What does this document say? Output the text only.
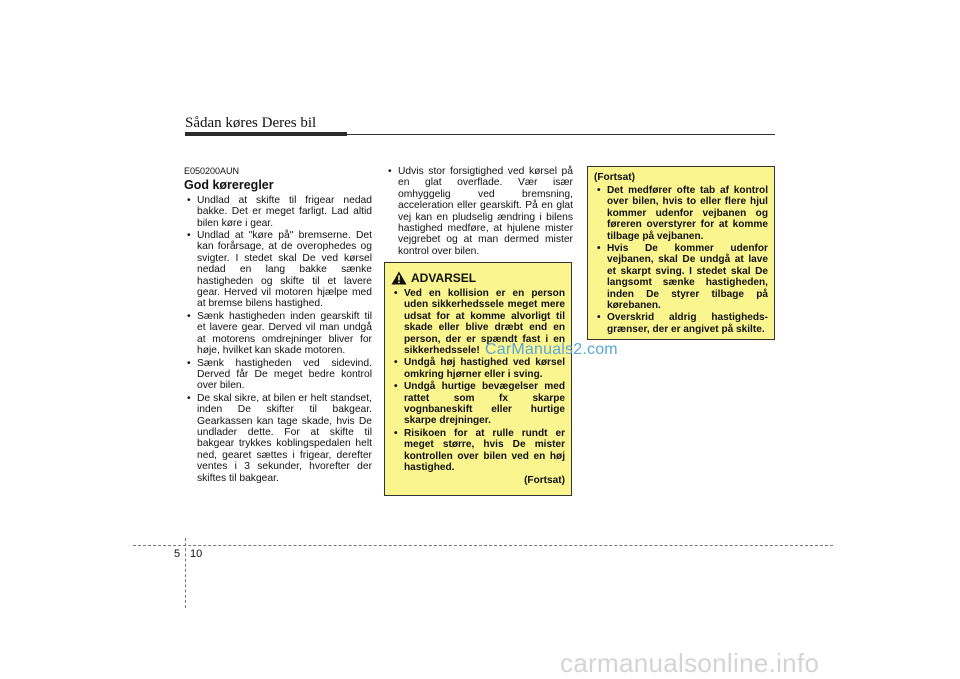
Sådan køres Deres bil
E050200AUN
God køreregler
• Undlad at skifte til frigear nedad bakke. Det er meget farligt. Lad altid bilen køre i gear.
• Undlad at "køre på" bremserne. Det kan forårsage, at de overophedes og svigter. I stedet skal De ved kørsel nedad en lang bakke sænke hastigheden og skifte til et lavere gear. Herved vil motoren hjælpe med at bremse bilens hastighed.
• Sænk hastigheden inden gearskift til et lavere gear. Derved vil man undgå at motorens omdrejninger bliver for høje, hvilket kan skade motoren.
• Sænk hastigheden ved sidevind. Derved får De meget bedre kontrol over bilen.
• De skal sikre, at bilen er helt standset, inden De skifter til bakgear. Gearkassen kan tage skade, hvis De undlader dette. For at skifte til bakgear trykkes koblingspedalen helt ned, gearet sættes i frigear, derefter ventes i 3 sekunder, hvorefter der skiftes til bakgear.
• Udvis stor forsigtighed ved kørsel på en glat overflade. Vær især omhyggelig ved bremsning, acceleration eller gearskift. På en glat vej kan en pludselig ændring i bilens hastighed medføre, at hjulene mister vejgrebet og at man dermed mister kontrol over bilen.
ADVARSEL
• Ved en kollision er en person uden sikkerhedssele meget mere udsat for at komme alvorligt til skade eller blive dræbt end en person, der er spændt fast i en sikkerhedssele!
• Undgå høj hastighed ved kørsel omkring hjørner eller i sving.
• Undgå hurtige bevægelser med rattet som fx skarpe vognbaneskift eller hurtige skarpe drejninger.
• Risikoen for at rulle rundt er meget større, hvis De mister kontrollen over bilen ved en høj hastighed.
(Fortsat)
(Fortsat)
• Det medfører ofte tab af kontrol over bilen, hvis to eller flere hjul kommer udenfor vejbanen og føreren overstyrer for at komme tilbage på vejbanen.
• Hvis De kommer udenfor vejbanen, skal De undgå at lave et skarpt sving. I stedet skal De langsomt sænke hastigheden, inden De styrer tilbage på kørebanen.
• Overskrid aldrig hastigheds-grænser, der er angivet på skilte.
CarManuals2.com
5 10
carmanualsonline.info
